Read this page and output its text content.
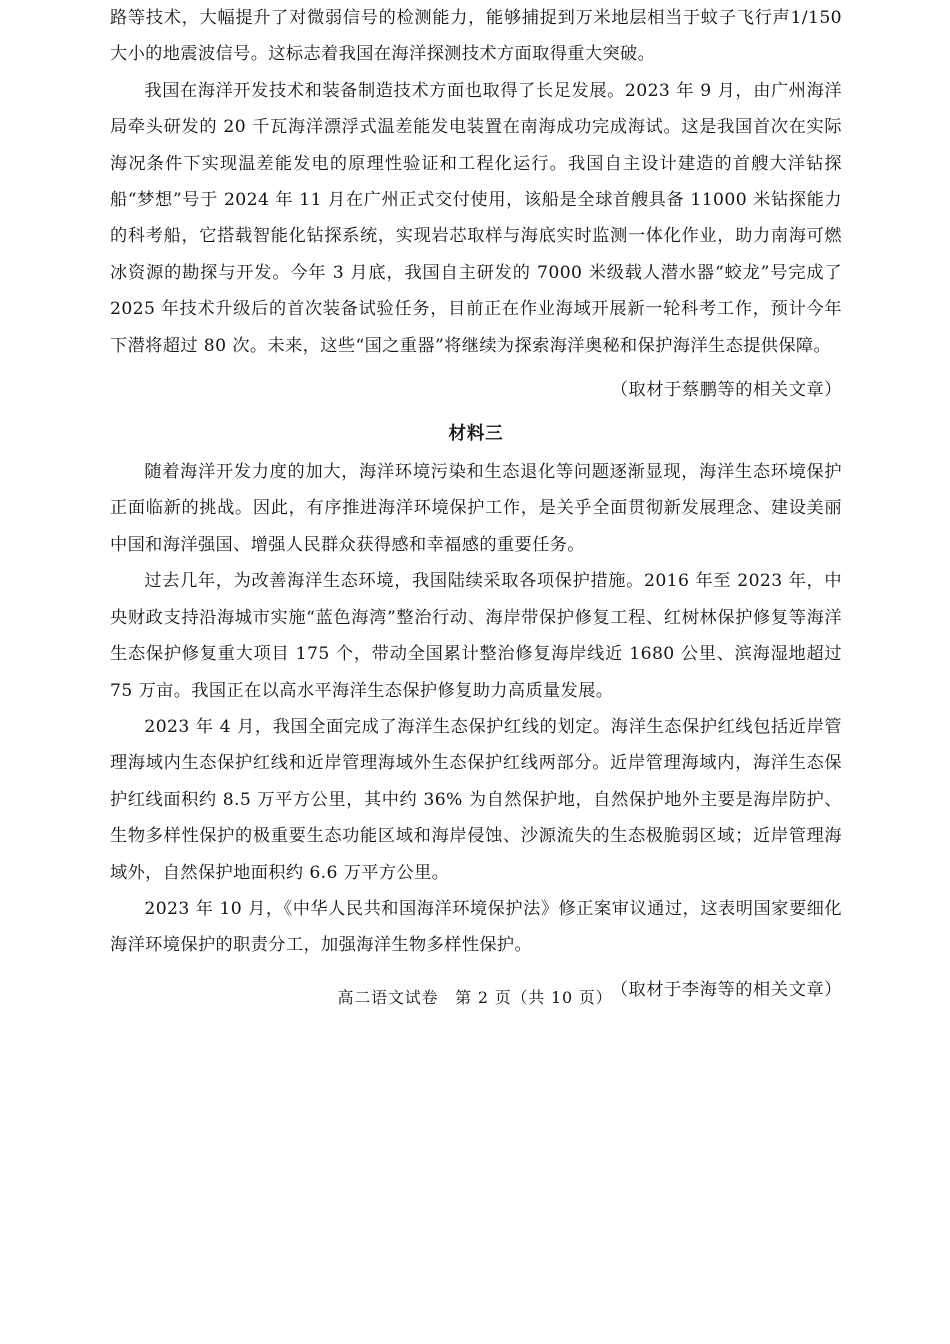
路等技术，大幅提升了对微弱信号的检测能力，能够捕捉到万米地层相当于蚊子飞行声1/150大小的地震波信号。这标志着我国在海洋探测技术方面取得重大突破。

我国在海洋开发技术和装备制造技术方面也取得了长足发展。2023 年 9 月，由广州海洋局牵头研发的 20 千瓦海洋漂浮式温差能发电装置在南海成功完成海试。这是我国首次在实际海况条件下实现温差能发电的原理性验证和工程化运行。我国自主设计建造的首艘大洋钻探船“梦想”号于 2024 年 11 月在广州正式交付使用，该船是全球首艘具备 11000 米钻探能力的科考船，它搭载智能化钻探系统，实现岩芯取样与海底实时监测一体化作业，助力南海可燃冰资源的勘探与开发。今年 3 月底，我国自主研发的 7000 米级载人潜水器“蛟龙”号完成了 2025 年技术升级后的首次装备试验任务，目前正在作业海域开展新一轮科考工作，预计今年下潜将超过 80 次。未来，这些“国之重器”将继续为探索海洋奥秘和保护海洋生态提供保障。

（取材于蔡鹏等的相关文章）

材料三

随着海洋开发力度的加大，海洋环境污染和生态退化等问题逐渐显现，海洋生态环境保护正面临新的挑战。因此，有序推进海洋环境保护工作，是关乎全面贯彻新发展理念、建设美丽中国和海洋强国、增强人民群众获得感和幸福感的重要任务。

过去几年，为改善海洋生态环境，我国陆续采取各项保护措施。2016 年至 2023 年，中央财政支持沿海城市实施“蓝色海湾”整治行动、海岸带保护修复工程、红树林保护修复等海洋生态保护修复重大项目 175 个，带动全国累计整治修复海岸线近 1680 公里、滨海湿地超过 75 万亩。我国正在以高水平海洋生态保护修复助力高质量发展。

2023 年 4 月，我国全面完成了海洋生态保护红线的划定。海洋生态保护红线包括近岸管理海域内生态保护红线和近岸管理海域外生态保护红线两部分。近岸管理海域内，海洋生态保护红线面积约 8.5 万平方公里，其中约 36% 为自然保护地，自然保护地外主要是海岸防护、生物多样性保护的极重要生态功能区域和海岸侵蚀、沙源流失的生态极脆弱区域；近岸管理海域外，自然保护地面积约 6.6 万平方公里。

2023 年 10 月，《中华人民共和国海洋环境保护法》修正案审议通过，这表明国家要细化海洋环境保护的职责分工，加强海洋生物多样性保护。

（取材于李海等的相关文章）

高二语文试卷　第 2 页（共 10 页）
